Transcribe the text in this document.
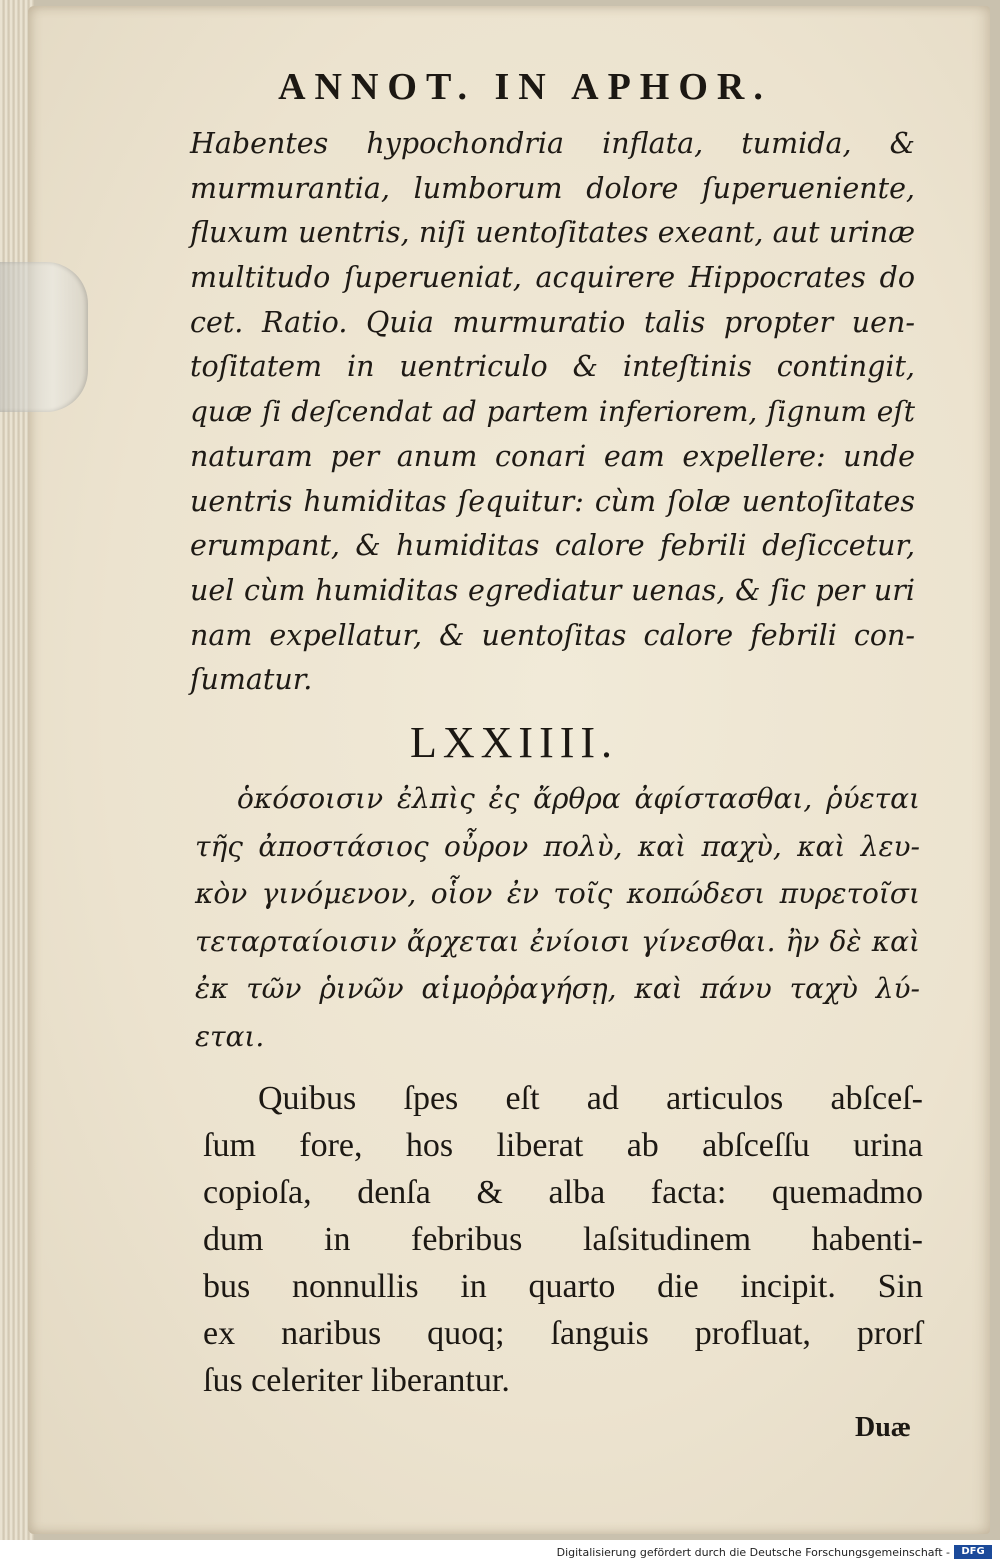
ANNOT. IN APHOR.
Habentes hypochondria inflata, tumida, &
murmurantia, lumborum dolore ſuperueniente,
fluxum uentris, niſi uentoſitates exeant, aut urinæ
multitudo ſuperueniat, acquirere Hippocrates do
cet. Ratio. Quia murmuratio talis propter uen-
toſitatem in uentriculo & inteſtinis contingit,
quæ ſi deſcendat ad partem inferiorem, ſignum eſt
naturam per anum conari eam expellere: unde
uentris humiditas ſequitur: cùm ſolæ uentoſitates
erumpant, & humiditas calore febrili deſiccetur,
uel cùm humiditas egrediatur uenas, & ſic per uri
nam expellatur, & uentoſitas calore febrili con-
ſumatur.
LXXIIII.
ὁκόσοισιν ἐλπὶς ἐς ἄρθρα ἀφίστασθαι, ῥύεται
τῆς ἀποστάσιος οὖρον πολὺ, καὶ παχὺ, καὶ λευ-
κὸν γινόμενον, οἷον ἐν τοῖς κοπώδεσι πυρετοῖσι
τεταρταίοισιν ἄρχεται ἐνίοισι γίνεσθαι. ἢν δὲ καὶ
ἐκ τῶν ῥινῶν αἱμοῤῥαγήσῃ, καὶ πάνυ ταχὺ λύ-
εται.
Quibus ſpes eſt ad articulos abſceſ-
ſum fore, hos liberat ab abſceſſu urina
copioſa, denſa & alba facta: quemadmo
dum in febribus laſsitudinem habenti-
bus nonnullis in quarto die incipit. Sin
ex naribus quoq; ſanguis profluat, prorſ
ſus celeriter liberantur.
Duæ
Digitalisierung gefördert durch die Deutsche Forschungsgemeinschaft -	DFG
